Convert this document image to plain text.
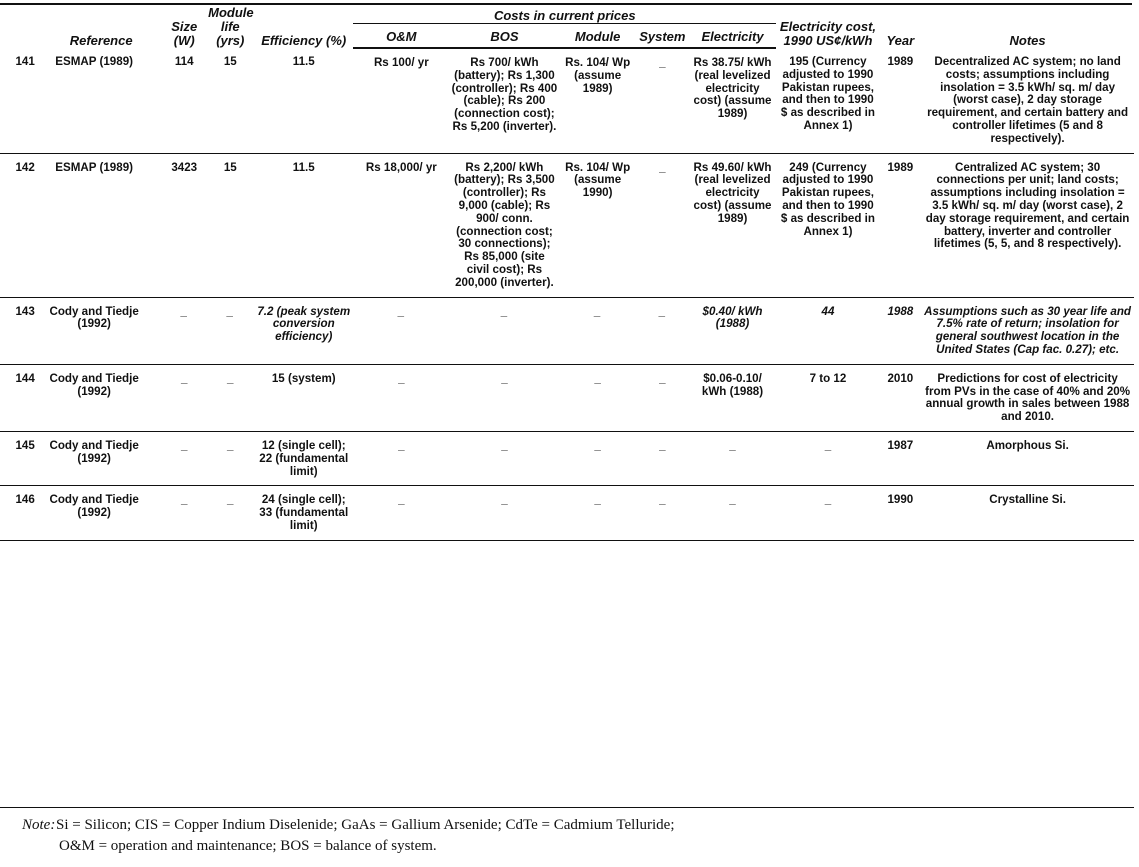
Reference	Size (W)	Module life (yrs)	Efficiency (%)	Costs in current prices					Electricity cost, 1990 US¢/kWh	Year	Notes
				O&M	BOS	Module	System	Electricity			
141 ESMAP (1989)	114	15	11.5	Rs 100/ yr	Rs 700/ kWh (battery); Rs 1,300 (controller); Rs 400 (cable); Rs 200 (connection cost); Rs 5,200 (inverter).	Rs. 104/ Wp (assume 1989)	_	Rs 38.75/ kWh (real levelized electricity cost) (assume 1989)	195 (Currency adjusted to 1990 Pakistan rupees, and then to 1990 $ as described in Annex 1)	1989	Decentralized AC system; no land costs; assumptions including insolation = 3.5 kWh/ sq. m/ day (worst case), 2 day storage requirement, and certain battery and controller lifetimes (5 and 8 respectively).
142 ESMAP (1989)	3423	15	11.5	Rs 18,000/ yr	Rs 2,200/ kWh (battery); Rs 3,500 (controller); Rs 9,000 (cable); Rs 900/ conn. (connection cost; 30 connections); Rs 85,000 (site civil cost); Rs 200,000 (inverter).	Rs. 104/ Wp (assume 1990)	_	Rs 49.60/ kWh (real levelized electricity cost) (assume 1989)	249 (Currency adjusted to 1990 Pakistan rupees, and then to 1990 $ as described in Annex 1)	1989	Centralized AC system; 30 connections per unit; land costs; assumptions including insolation = 3.5 kWh/ sq. m/ day (worst case), 2 day storage requirement, and certain battery, inverter and controller lifetimes (5, 5, and 8 respectively).
143 Cody and Tiedje (1992)	_	_	7.2 (peak system conversion efficiency)	_	_	_	_	$0.40/ kWh (1988)	44	1988	Assumptions such as 30 year life and 7.5% rate of return; insolation for general southwest location in the United States (Cap fac. 0.27); etc.
144 Cody and Tiedje (1992)	_	_	15 (system)	_	_	_	_	$0.06-0.10/ kWh (1988)	7 to 12	2010	Predictions for cost of electricity from PVs in the case of 40% and 20% annual growth in sales between 1988 and 2010.
145 Cody and Tiedje (1992)	_	_	12 (single cell); 22 (fundamental limit)	_	_	_	_	_	_	1987	Amorphous Si.
146 Cody and Tiedje (1992)	_	_	24 (single cell); 33 (fundamental limit)	_	_	_	_	_	_	1990	Crystalline Si.
Note:Si = Silicon; CIS = Copper Indium Diselenide; GaAs = Gallium Arsenide; CdTe = Cadmium Telluride;
O&M = operation and maintenance; BOS = balance of system.
